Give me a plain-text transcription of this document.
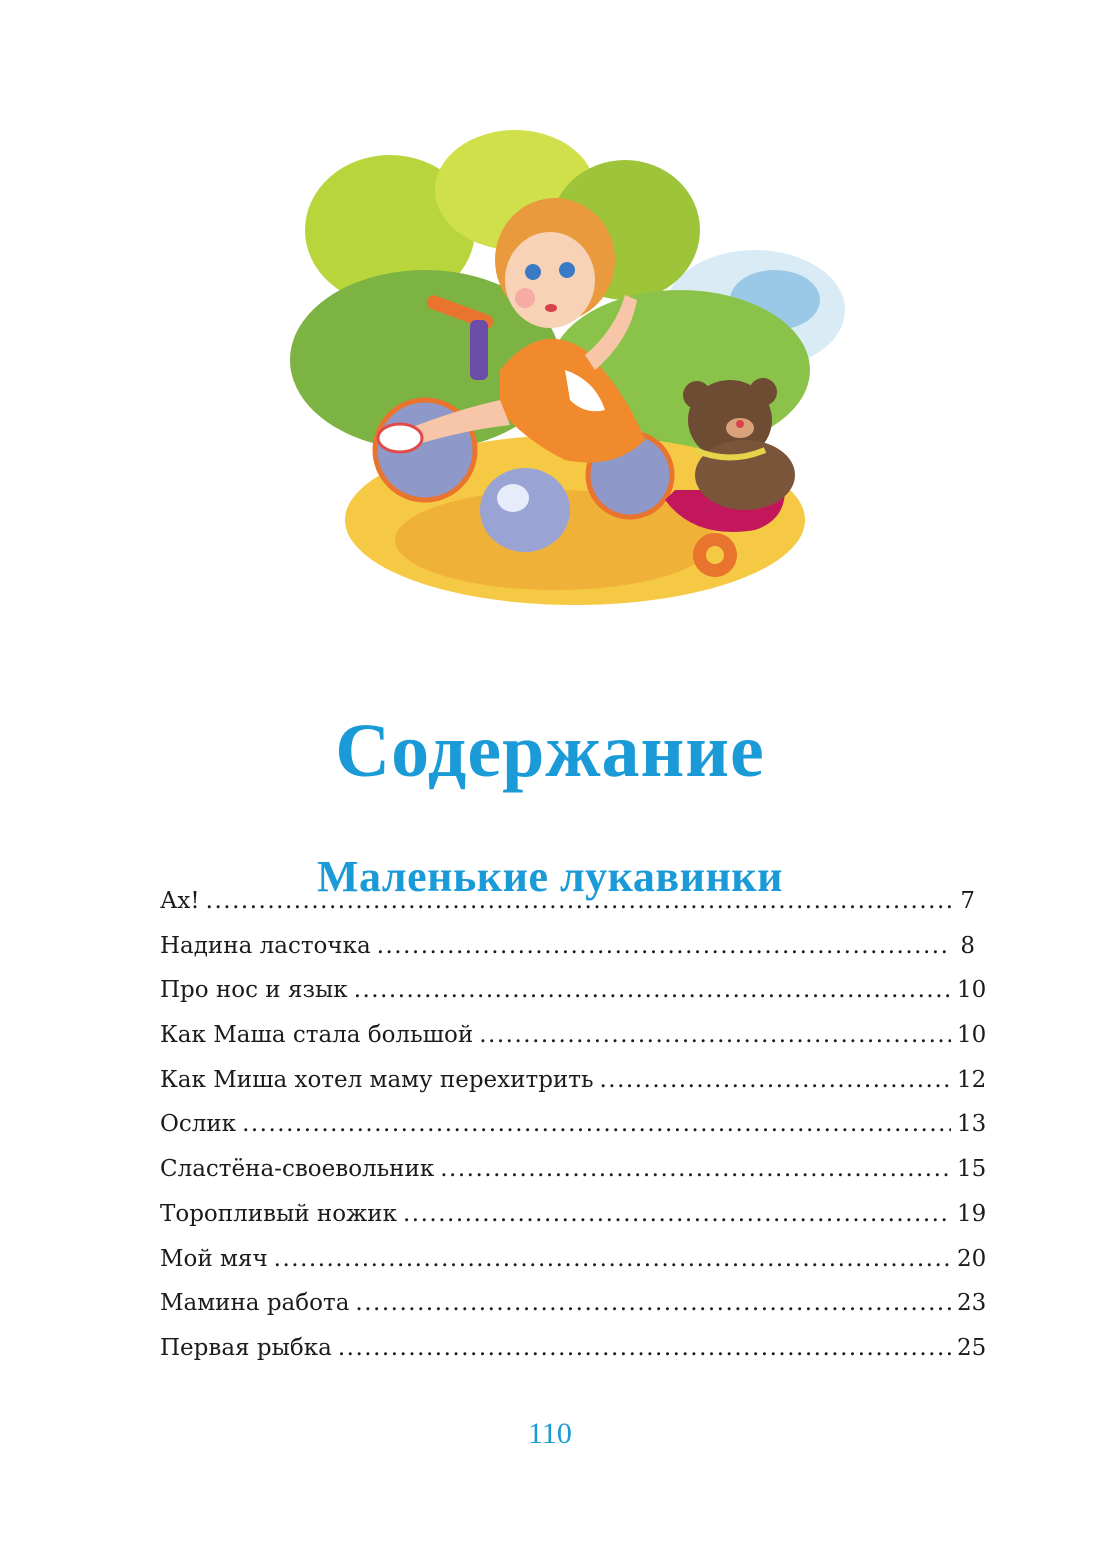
Содержание
Маленькие лукавинки
Ах! .....	7
Надина ласточка .....	8
Про нос и язык .....	10
Как Маша стала большой .....	10
Как Миша хотел маму перехитрить .....	12
Ослик .....	13
Сластёна-своевольник .....	15
Торопливый ножик .....	19
Мой мяч .....	20
Мамина работа .....	23
Первая рыбка .....	25
110
